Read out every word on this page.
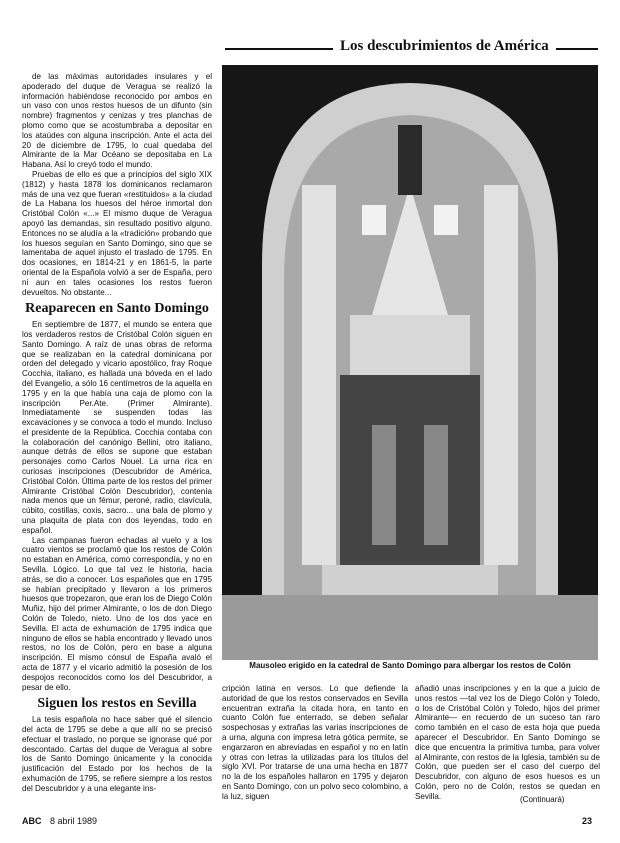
Los descubrimientos de América

de las máximas autoridades insulares y el apoderado del duque de Veragua se realizó la información habiéndose reconocido por ambos en un vaso con unos restos huesos de un difunto (sin nombre) fragmentos y cenizas y tres planchas de plomo como que se acostumbraba a depositar en los ataúdes con alguna inscripción. Ante el acta del 20 de diciembre de 1795, lo cual quedaba del Almirante de la Mar Océano se depositaba en La Habana. Así lo creyó todo el mundo.

Pruebas de ello es que a principios del siglo XIX (1812) y hasta 1878 los dominicanos reclamaron más de una vez que fueran «restituidos» a la ciudad de La Habana los huesos del héroe inmortal don Cristóbal Colón «...» El mismo duque de Veragua apoyó las demandas, sin resultado positivo alguno. Entonces no se aludía a la «tradición» probando que los huesos seguían en Santo Domingo, sino que se lamentaba de aquel injusto el traslado de 1795. En dos ocasiones, en 1814-21 y en 1861-5, la parte oriental de la Española volvió a ser de España, pero ni aun en tales ocasiones los restos fueron devueltos. No obstante...

Reaparecen en Santo Domingo

En septiembre de 1877, el mundo se entera que los verdaderos restos de Cristóbal Colón siguen en Santo Domingo. A raíz de unas obras de reforma que se realizaban en la catedral dominicana por orden del delegado y vicario apostólico, fray Roque Cocchia, italiano, es hallada una bóveda en el lado del Evangelio, a sólo 16 centímetros de la aquella en 1795 y en la que había una caja de plomo con la inscripción Per.Ate. (Primer Almirante). Inmediatamente se suspenden todas las excavaciones y se convoca a todo el mundo. Incluso el presidente de la República. Cocchia contaba con la colaboración del canónigo Bellini, otro italiano, aunque detrás de ellos se supone que estaban personajes como Carlos Nouel. La urna rica en curiosas inscripciones (Descubridor de América, Cristóbal Colón. Última parte de los restos del primer Almirante Cristóbal Colón Descubridor), contenía nada menos que un fémur, peroné, radio, clavícula, cúbito, costillas, coxis, sacro... una bala de plomo y una plaquita de plata con dos leyendas, todo en español.

Las campanas fueron echadas al vuelo y a los cuatro vientos se proclamó que los restos de Colón no estaban en América, como correspondía, y no en Sevilla. Lógico. Lo que tal vez le historia, hacia atrás, se dio a conocer. Los españoles que en 1795 se habían precipitado y llevaron a los primeros huesos que tropezaron, que eran los de Diego Colón Muñiz, hijo del primer Almirante, o los de don Diego Colón de Toledo, nieto. Uno de los dos yace en Sevilla. El acta de exhumación de 1795 indica que ninguno de ellos se había encontrado y llevado unos restos, no los de Colón, pero en base a alguna inscripción. El mismo cónsul de España avaló el acta de 1877 y el vicario admitió la posesión de los despojos reconocidos como los del Descubridor, a pesar de ello.

Siguen los restos en Sevilla

La tesis española no hace saber qué el silencio del acta de 1795 se debe a que allí no se precisó efectuar el traslado, no porque se ignorase qué por descontado. Cartas del duque de Veragua al sobre los de Santo Domingo únicamente y la conocida justificación del Estado por los hechos de la exhumación de 1795, se refiere siempre a los restos del Descubridor y a una elegante ins-

Mausoleo erigido en la catedral de Santo Domingo para albergar los restos de Colón

cripción latina en versos. Lo que defiende la autoridad de que los restos conservados en Sevilla encuentran extraña la citada hora, en tanto en cuanto Colón fue enterrado, se deben señalar sospechosas y extrañas las varias inscripciones de a urna, alguna con impresa letra gótica permite, se engarzaron en abreviadas en español y no en latín y otras con letras la utilizadas para los títulos del siglo XVI. Por tratarse de una urna hecha en 1877 no la de los españoles hallaron en 1795 y dejaron en Santo Domingo, con un polvo seco colombino, a la luz, siguen

añadió unas inscripciones y en la que a juicio de unos restos —tal vez los de Diego Colón y Toledo, o los de Cristóbal Colón y Toledo, hijos del primer Almirante— en recuerdo de un suceso tan raro como también en el caso de esta hoja que pueda aparecer el Descubridor. En Santo Domingo se dice que encuentra la primitiva tumba, para volver al Almirante, con restos de la Iglesia, también su de Colón, que pueden ser el caso del cuerpo del Descubridor, con alguno de esos huesos es un Colón, pero no de Colón, restos se quedan en Sevilla.	(Continuará)
ABC 8 abril 1989	23
